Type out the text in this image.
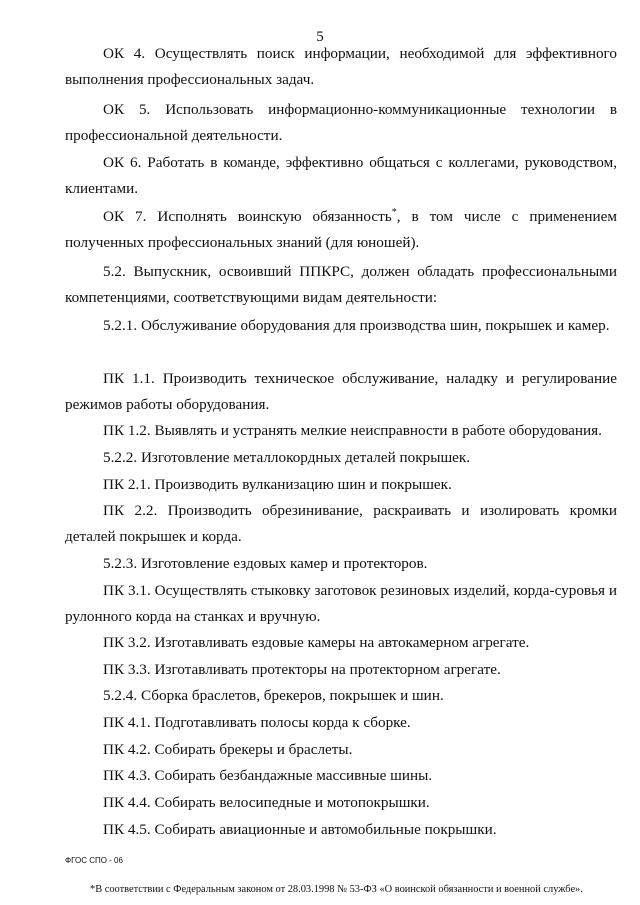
5

ОК 4. Осуществлять поиск информации, необходимой для эффективного выполнения профессиональных задач.

ОК 5. Использовать информационно-коммуникационные технологии в профессиональной деятельности.

ОК 6. Работать в команде, эффективно общаться с коллегами, руководством, клиентами.

ОК 7. Исполнять воинскую обязанность*, в том числе с применением полученных профессиональных знаний (для юношей).

5.2. Выпускник, освоивший ППКРС, должен обладать профессиональными компетенциями, соответствующими видам деятельности:

5.2.1. Обслуживание оборудования для производства шин, покрышек и камер.

ПК 1.1. Производить техническое обслуживание, наладку и регулирование режимов работы оборудования.

ПК 1.2. Выявлять и устранять мелкие неисправности в работе оборудования.
5.2.2. Изготовление металлокордных деталей покрышек.
ПК 2.1. Производить вулканизацию шин и покрышек.

ПК 2.2. Производить обрезинивание, раскраивать и изолировать кромки деталей покрышек и корда.

5.2.3. Изготовление ездовых камер и протекторов.

ПК 3.1. Осуществлять стыковку заготовок резиновых изделий, корда-суровья и рулонного корда на станках и вручную.

ПК 3.2. Изготавливать ездовые камеры на автокамерном агрегате.
ПК 3.3. Изготавливать протекторы на протекторном агрегате.
5.2.4. Сборка браслетов, брекеров, покрышек и шин.
ПК 4.1. Подготавливать полосы корда к сборке.
ПК 4.2. Собирать брекеры и браслеты.
ПК 4.3. Собирать безбандажные массивные шины.
ПК 4.4. Собирать велосипедные и мотопокрышки.
ПК 4.5. Собирать авиационные и автомобильные покрышки.
ФГОС СПО - 06
*В соответствии с Федеральным законом от 28.03.1998 № 53-ФЗ «О воинской обязанности и военной службе».
